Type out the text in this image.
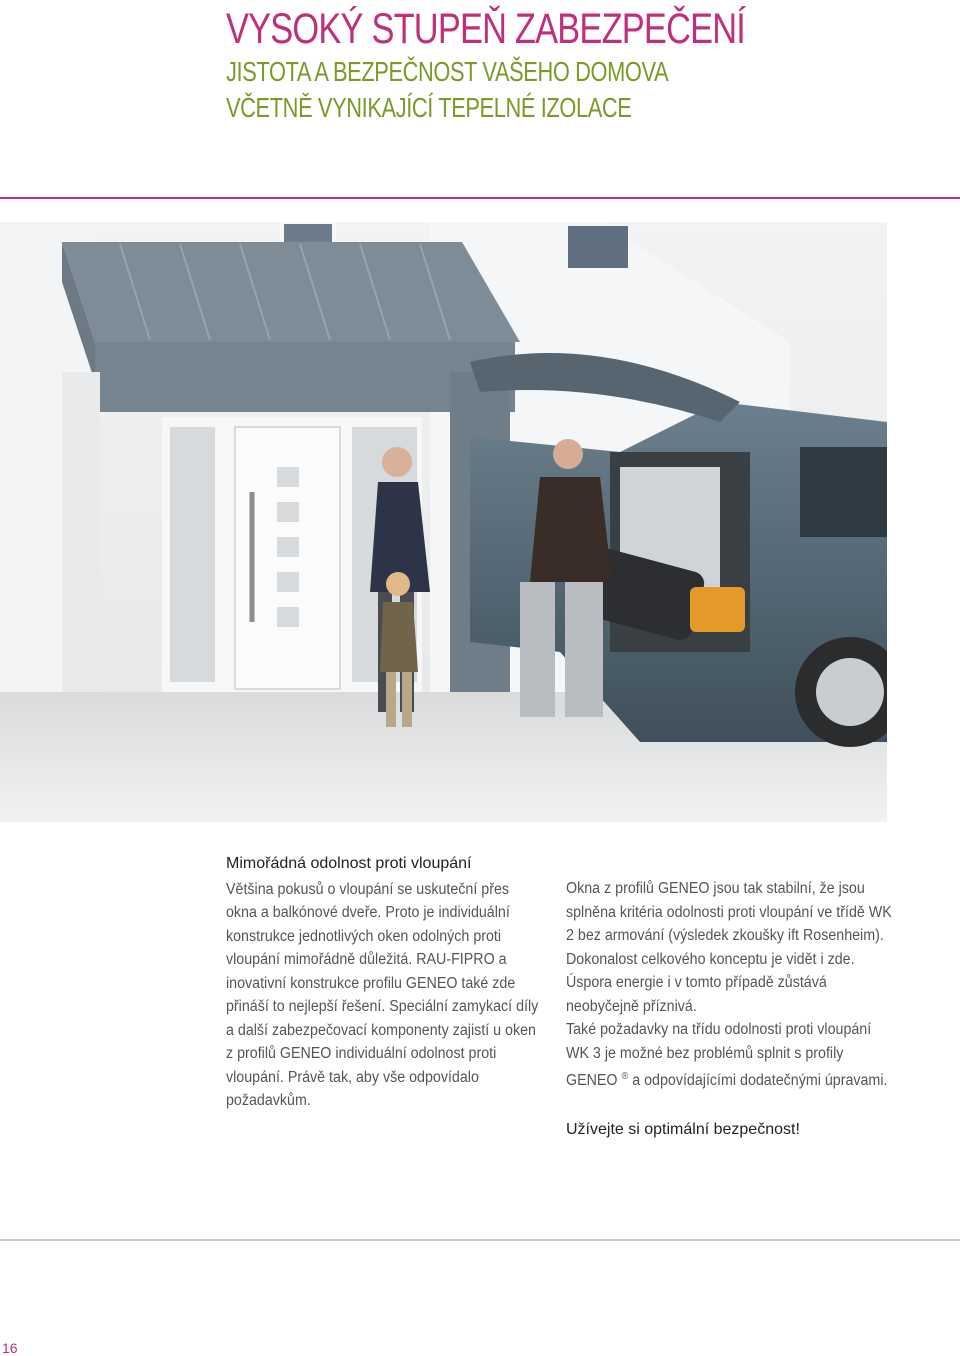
VYSOKÝ STUPEŇ ZABEZPEČENÍ
JISTOTA A BEZPEČNOST VAŠEHO DOMOVA
VČETNĚ VYNIKAJÍCÍ TEPELNÉ IZOLACE

Mimořádná odolnost proti vloupání

Většina pokusů o vloupání se uskuteční přes okna a balkónové dveře. Proto je individuální konstrukce jednotlivých oken odolných proti vloupání mimořádně důležitá. RAU-FIPRO a inovativní konstrukce profilu GENEO také zde přináší to nejlepší řešení. Speciální zamykací díly a další zabezpečovací komponenty zajistí u oken z profilů GENEO individuální odolnost proti vloupání. Právě tak, aby vše odpovídalo požadavkům.

Okna z profilů GENEO jsou tak stabilní, že jsou splněna kritéria odolnosti proti vloupání ve třídě WK 2 bez armování (výsledek zkoušky ift Rosenheim). Dokonalost celkového konceptu je vidět i zde. Úspora energie i v tomto případě zůstává neobyčejně příznivá.

Také požadavky na třídu odolnosti proti vloupání WK 3 je možné bez problémů splnit s profily GENEO ® a odpovídajícími dodatečnými úpravami.

Užívejte si optimální bezpečnost!
16
